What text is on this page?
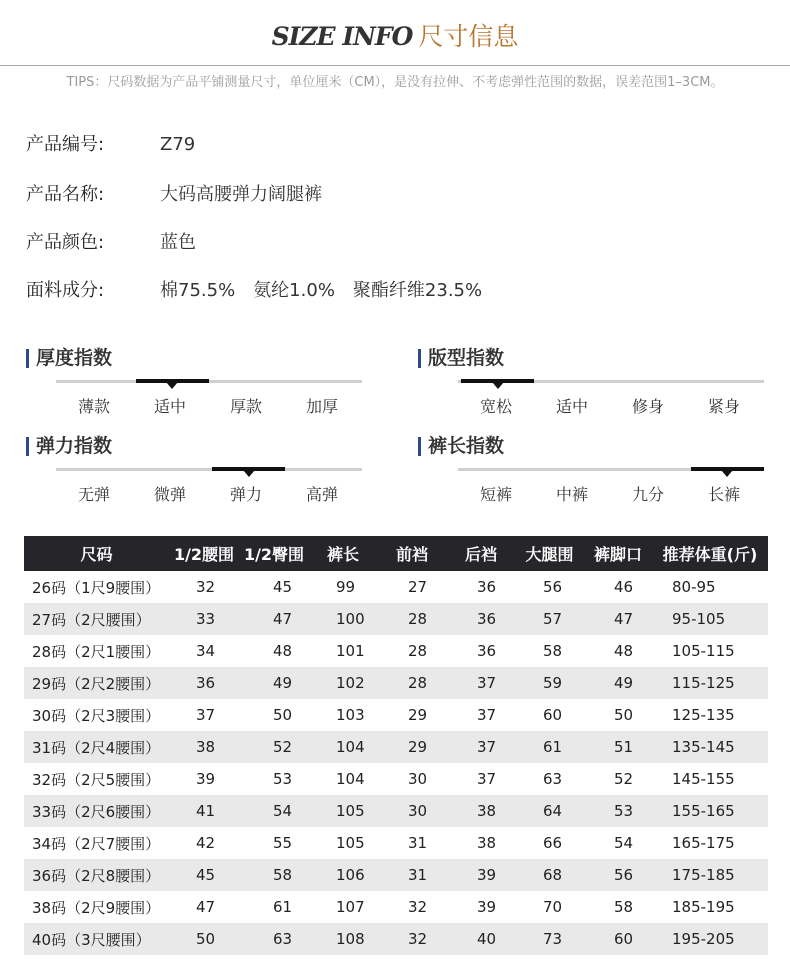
SIZE INFO 尺寸信息
TIPS：尺码数据为产品平铺测量尺寸，单位厘米（CM），是没有拉伸、不考虑弹性范围的数据，误差范围1–3CM。
产品编号:	Z79
产品名称:	大码高腰弹力阔腿裤
产品颜色:	蓝色
面料成分:	棉75.5% 氨纶1.0% 聚酯纤维23.5%
厚度指数
薄款	适中	厚款	加厚
版型指数
宽松	适中	修身	紧身
弹力指数
无弹	微弹	弹力	高弹
裤长指数
短裤	中裤	九分	长裤
尺码	1/2腰围	1/2臀围	裤长	前裆	后裆	大腿围	裤脚口	推荐体重(斤)
26码（1尺9腰围）	32	45	99	27	36	56	46	80-95
27码（2尺腰围）	33	47	100	28	36	57	47	95-105
28码（2尺1腰围）	34	48	101	28	36	58	48	105-115
29码（2尺2腰围）	36	49	102	28	37	59	49	115-125
30码（2尺3腰围）	37	50	103	29	37	60	50	125-135
31码（2尺4腰围）	38	52	104	29	37	61	51	135-145
32码（2尺5腰围）	39	53	104	30	37	63	52	145-155
33码（2尺6腰围）	41	54	105	30	38	64	53	155-165
34码（2尺7腰围）	42	55	105	31	38	66	54	165-175
36码（2尺8腰围）	45	58	106	31	39	68	56	175-185
38码（2尺9腰围）	47	61	107	32	39	70	58	185-195
40码（3尺腰围）	50	63	108	32	40	73	60	195-205
